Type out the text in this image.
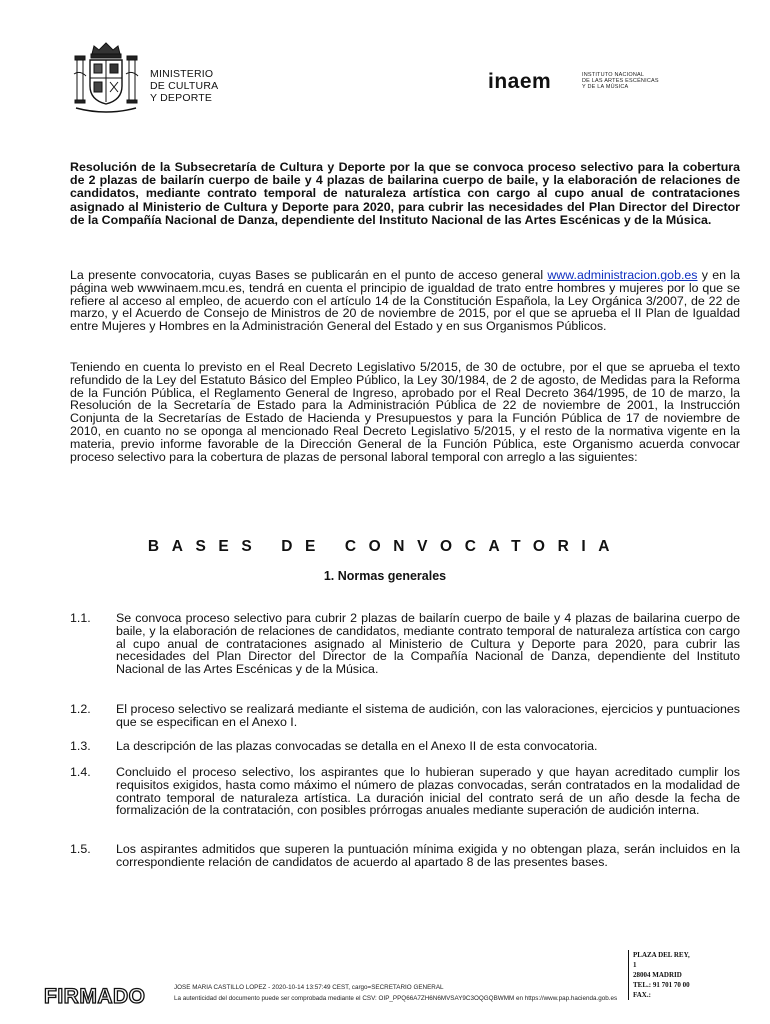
MINISTERIO
DE CULTURA
Y DEPORTE
inaem	INSTITUTO NACIONAL
DE LAS ARTES ESCÉNICAS
Y DE LA MÚSICA
Resolución de la Subsecretaría de Cultura y Deporte por la que se convoca proceso selectivo para la cobertura de 2 plazas de bailarín cuerpo de baile y 4 plazas de bailarina cuerpo de baile, y la elaboración de relaciones de candidatos, mediante contrato temporal de naturaleza artística con cargo al cupo anual de contrataciones asignado al Ministerio de Cultura y Deporte para 2020, para cubrir las necesidades del Plan Director del Director de la Compañía Nacional de Danza, dependiente del Instituto Nacional de las Artes Escénicas y de la Música.
La presente convocatoria, cuyas Bases se publicarán en el punto de acceso general www.administracion.gob.es y en la página web wwwinaem.mcu.es, tendrá en cuenta el principio de igualdad de trato entre hombres y mujeres por lo que se refiere al acceso al empleo, de acuerdo con el artículo 14 de la Constitución Española, la Ley Orgánica 3/2007, de 22 de marzo, y el Acuerdo de Consejo de Ministros de 20 de noviembre de 2015, por el que se aprueba el II Plan de Igualdad entre Mujeres y Hombres en la Administración General del Estado y en sus Organismos Públicos.
Teniendo en cuenta lo previsto en el Real Decreto Legislativo 5/2015, de 30 de octubre, por el que se aprueba el texto refundido de la Ley del Estatuto Básico del Empleo Público, la Ley 30/1984, de 2 de agosto, de Medidas para la Reforma de la Función Pública, el Reglamento General de Ingreso, aprobado por el Real Decreto 364/1995, de 10 de marzo, la Resolución de la Secretaría de Estado para la Administración Pública de 22 de noviembre de 2001, la Instrucción Conjunta de la Secretarías de Estado de Hacienda y Presupuestos y para la Función Pública de 17 de noviembre de 2010, en cuanto no se oponga al mencionado Real Decreto Legislativo 5/2015, y el resto de la normativa vigente en la materia, previo informe favorable de la Dirección General de la Función Pública, este Organismo acuerda convocar proceso selectivo para la cobertura de plazas de personal laboral temporal con arreglo a las siguientes:
BASES DE CONVOCATORIA
1. Normas generales
1.1. Se convoca proceso selectivo para cubrir 2 plazas de bailarín cuerpo de baile y 4 plazas de bailarina cuerpo de baile, y la elaboración de relaciones de candidatos, mediante contrato temporal de naturaleza artística con cargo al cupo anual de contrataciones asignado al Ministerio de Cultura y Deporte para 2020, para cubrir las necesidades del Plan Director del Director de la Compañía Nacional de Danza, dependiente del Instituto Nacional de las Artes Escénicas y de la Música.
1.2. El proceso selectivo se realizará mediante el sistema de audición, con las valoraciones, ejercicios y puntuaciones que se especifican en el Anexo I.
1.3. La descripción de las plazas convocadas se detalla en el Anexo II de esta convocatoria.
1.4. Concluido el proceso selectivo, los aspirantes que lo hubieran superado y que hayan acreditado cumplir los requisitos exigidos, hasta como máximo el número de plazas convocadas, serán contratados en la modalidad de contrato temporal de naturaleza artística. La duración inicial del contrato será de un año desde la fecha de formalización de la contratación, con posibles prórrogas anuales mediante superación de audición interna.
1.5. Los aspirantes admitidos que superen la puntuación mínima exigida y no obtengan plaza, serán incluidos en la correspondiente relación de candidatos de acuerdo al apartado 8 de las presentes bases.
PLAZA DEL REY,
1
28004 MADRID
TEL.: 91 701 70 00
FAX.:
FIRMADO	JOSE MARIA CASTILLO LOPEZ - 2020-10-14 13:57:49 CEST, cargo=SECRETARIO GENERAL
La autenticidad del documento puede ser comprobada mediante el CSV: OIP_PPQ66A7ZH6N6MVSAY9C3OQGQBWMM en https://www.pap.hacienda.gob.es
